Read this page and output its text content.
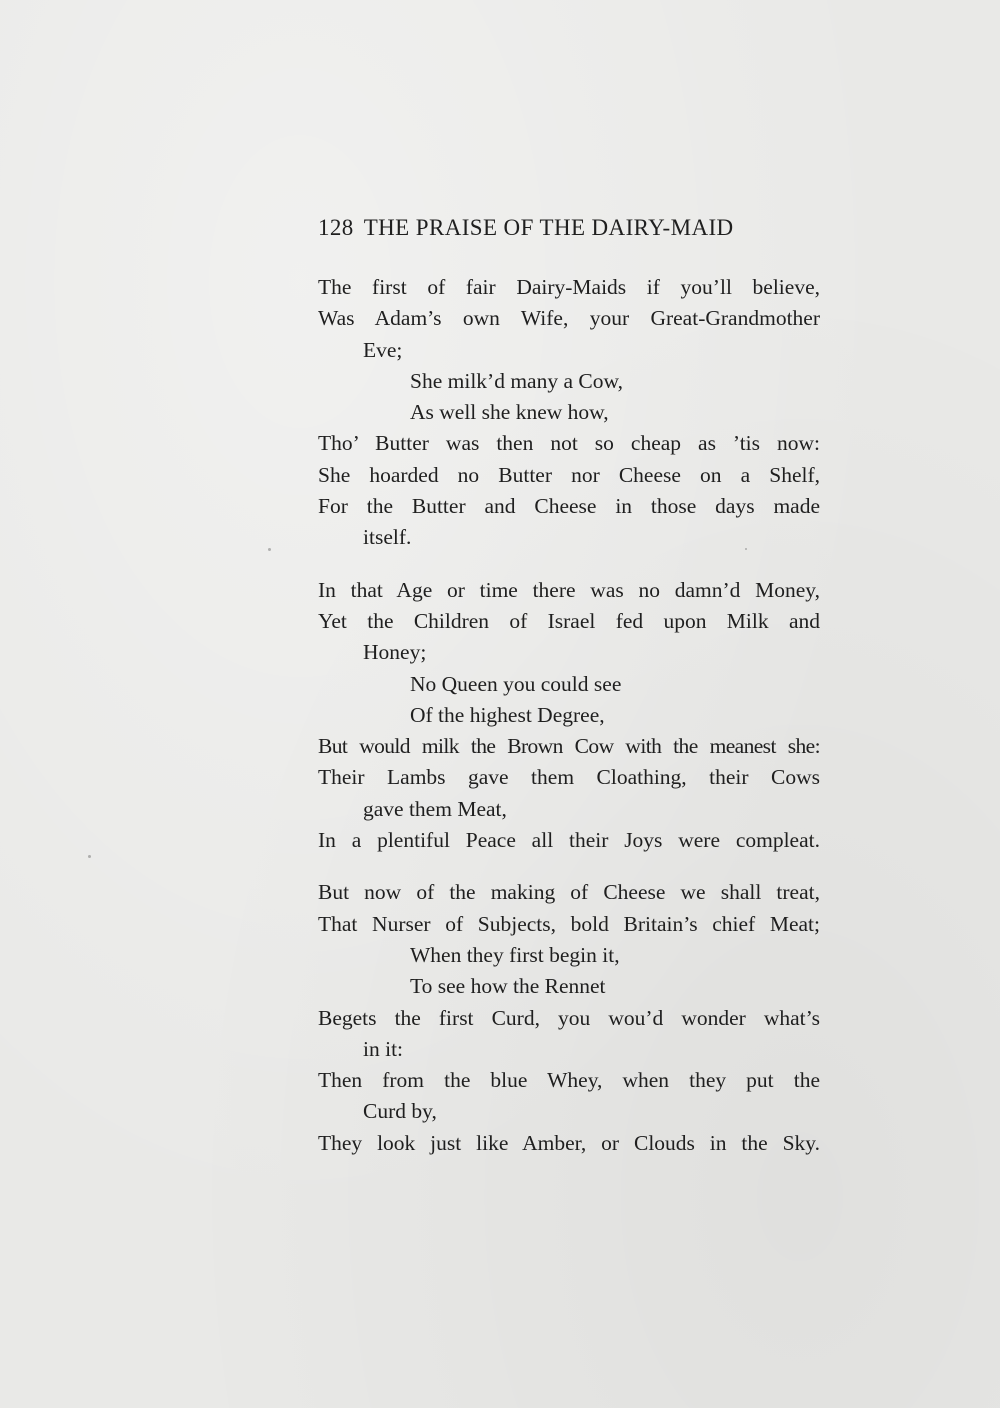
128 THE PRAISE OF THE DAIRY-MAID
The first of fair Dairy-Maids if you’ll believe,
Was Adam’s own Wife, your Great-Grandmother
Eve;
She milk’d many a Cow,
As well she knew how,
Tho’ Butter was then not so cheap as ’tis now:
She hoarded no Butter nor Cheese on a Shelf,
For the Butter and Cheese in those days made
itself.
In that Age or time there was no damn’d Money,
Yet the Children of Israel fed upon Milk and
Honey;
No Queen you could see
Of the highest Degree,
But would milk the Brown Cow with the meanest she:
Their Lambs gave them Cloathing, their Cows
gave them Meat,
In a plentiful Peace all their Joys were compleat.
But now of the making of Cheese we shall treat,
That Nurser of Subjects, bold Britain’s chief Meat;
When they first begin it,
To see how the Rennet
Begets the first Curd, you wou’d wonder what’s
in it:
Then from the blue Whey, when they put the
Curd by,
They look just like Amber, or Clouds in the Sky.
